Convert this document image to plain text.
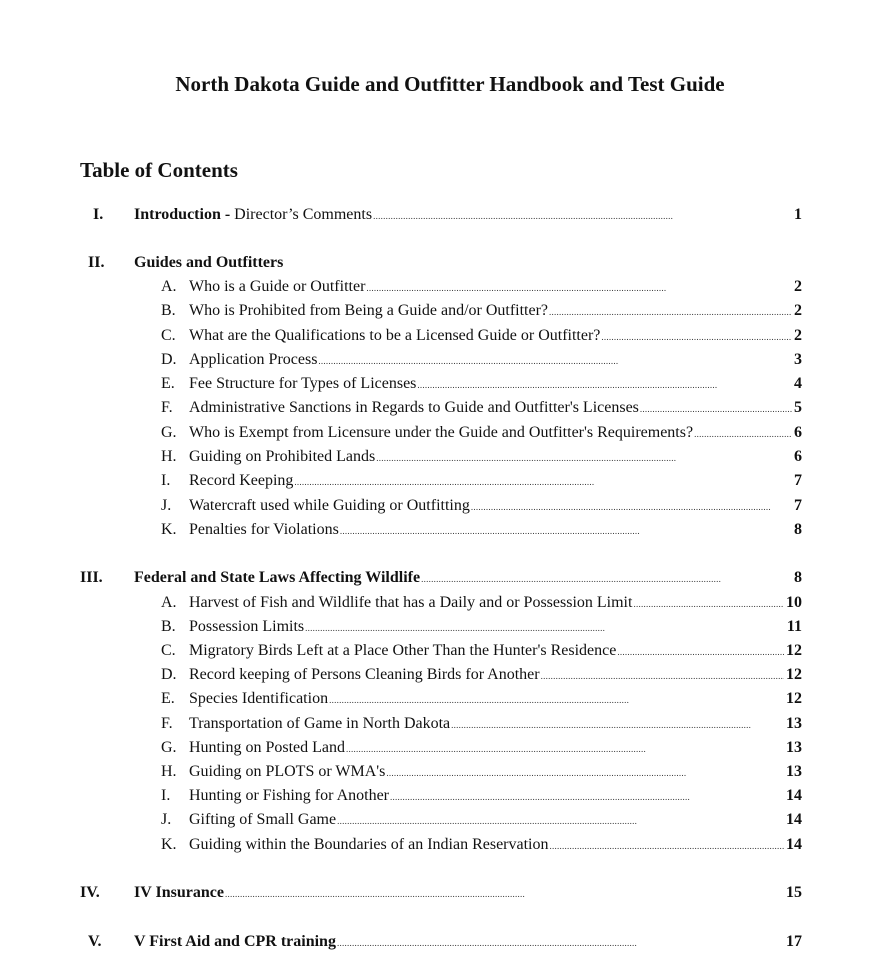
North Dakota Guide and Outfitter Handbook and Test Guide
Table of Contents
I. Introduction - Director’s Comments . . .	1
II. Guides and Outfitters
A. Who is a Guide or Outfitter . . .	2
B. Who is Prohibited from Being a Guide and/or Outfitter? . . .	2
C. What are the Qualifications to be a Licensed Guide or Outfitter? . . .	2
D. Application Process . . .	3
E. Fee Structure for Types of Licenses . . .	4
F. Administrative Sanctions in Regards to Guide and Outfitter's Licenses . . .	5
G. Who is Exempt from Licensure under the Guide and Outfitter's Requirements? . . .	6
H. Guiding on Prohibited Lands . . .	6
I. Record Keeping . . .	7
J. Watercraft used while Guiding or Outfitting . . .	7
K. Penalties for Violations . . .	8
III. Federal and State Laws Affecting Wildlife . . .	8
A. Harvest of Fish and Wildlife that has a Daily and or Possession Limit . . .	10
B. Possession Limits . . .	11
C. Migratory Birds Left at a Place Other Than the Hunter's Residence . . .	12
D. Record keeping of Persons Cleaning Birds for Another . . .	12
E. Species Identification . . .	12
F. Transportation of Game in North Dakota . . .	13
G. Hunting on Posted Land . . .	13
H. Guiding on PLOTS or WMA's . . .	13
I. Hunting or Fishing for Another . . .	14
J. Gifting of Small Game . . .	14
K. Guiding within the Boundaries of an Indian Reservation . . .	14
IV. IV Insurance . . .	15
V. V First Aid and CPR training . . .	17
